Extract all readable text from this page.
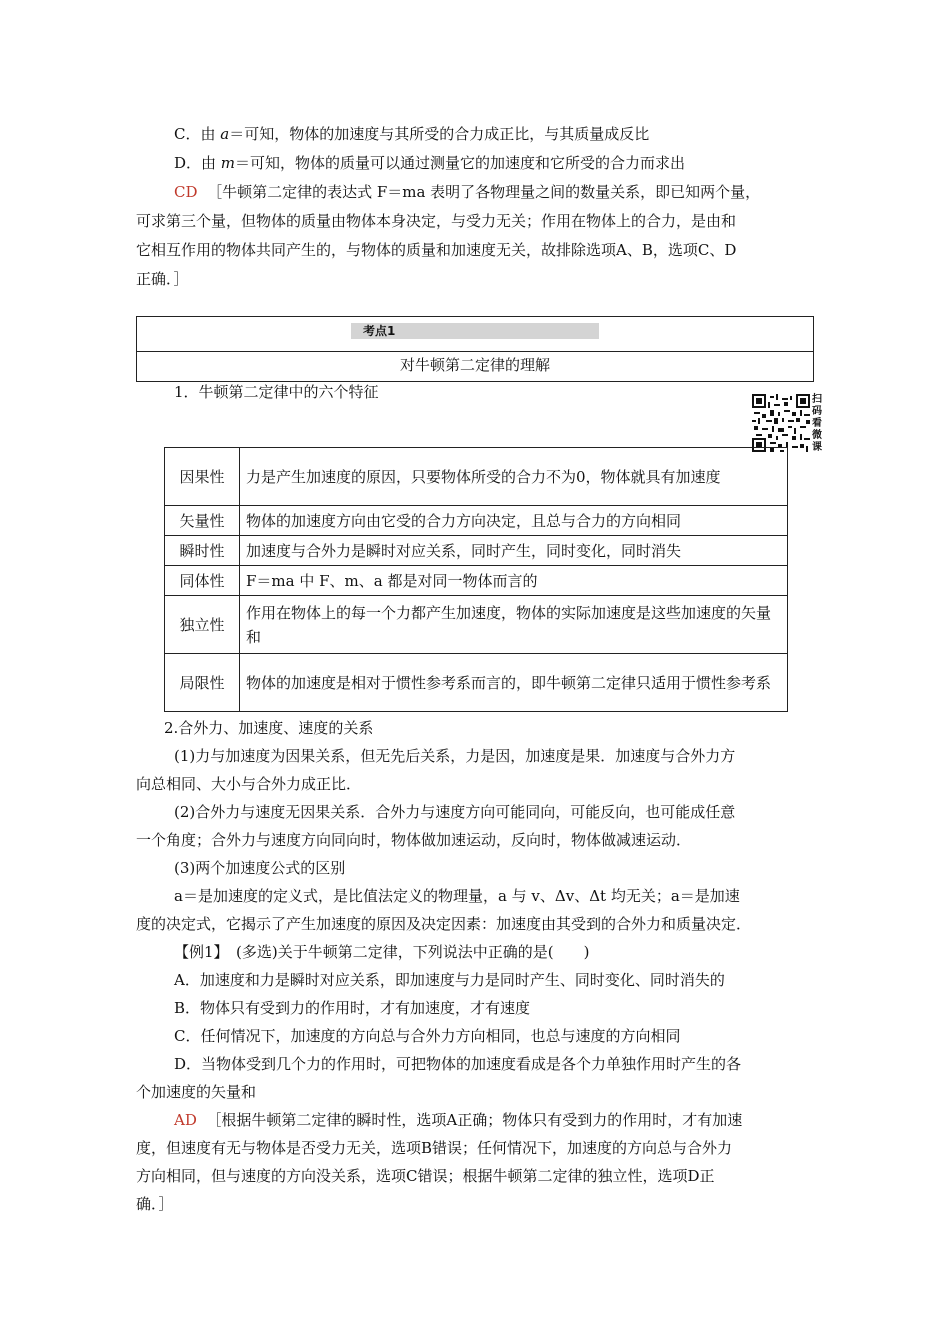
C．由 a＝可知，物体的加速度与其所受的合力成正比，与其质量成反比
D．由 m＝可知，物体的质量可以通过测量它的加速度和它所受的合力而求出
CD ［牛顿第二定律的表达式 F＝ma 表明了各物理量之间的数量关系，即已知两个量，
可求第三个量，但物体的质量由物体本身决定，与受力无关；作用在物体上的合力，是由和
它相互作用的物体共同产生的，与物体的质量和加速度无关，故排除选项A、B，选项C、D
正确．］
考点1
对牛顿第二定律的理解
1．牛顿第二定律中的六个特征	扫码看微课
因果性	力是产生加速度的原因，只要物体所受的合力不为0，物体就具有加速度
矢量性	物体的加速度方向由它受的合力方向决定，且总与合力的方向相同
瞬时性	加速度与合外力是瞬时对应关系，同时产生，同时变化，同时消失
同体性	F＝ma 中 F、m、a 都是对同一物体而言的
独立性	作用在物体上的每一个力都产生加速度，物体的实际加速度是这些加速度的矢量和
局限性	物体的加速度是相对于惯性参考系而言的，即牛顿第二定律只适用于惯性参考系
2.合外力、加速度、速度的关系
(1)力与加速度为因果关系，但无先后关系，力是因，加速度是果．加速度与合外力方
向总相同、大小与合外力成正比．
(2)合外力与速度无因果关系．合外力与速度方向可能同向，可能反向，也可能成任意
一个角度；合外力与速度方向同向时，物体做加速运动，反向时，物体做减速运动．
(3)两个加速度公式的区别
a＝是加速度的定义式，是比值法定义的物理量，a 与 v、Δv、Δt 均无关；a＝是加速
度的决定式，它揭示了产生加速度的原因及决定因素：加速度由其受到的合外力和质量决定．
【例1】　(多选)关于牛顿第二定律，下列说法中正确的是(　　)
A．加速度和力是瞬时对应关系，即加速度与力是同时产生、同时变化、同时消失的
B．物体只有受到力的作用时，才有加速度，才有速度
C．任何情况下，加速度的方向总与合外力方向相同，也总与速度的方向相同
D．当物体受到几个力的作用时，可把物体的加速度看成是各个力单独作用时产生的各
个加速度的矢量和
AD ［根据牛顿第二定律的瞬时性，选项A正确；物体只有受到力的作用时，才有加速
度，但速度有无与物体是否受力无关，选项B错误；任何情况下，加速度的方向总与合外力
方向相同，但与速度的方向没关系，选项C错误；根据牛顿第二定律的独立性，选项D正
确．］
